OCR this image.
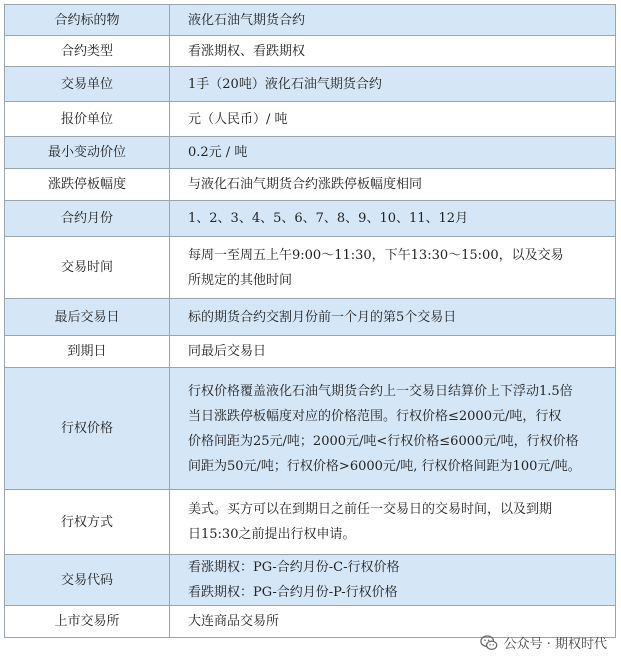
合约标的物	液化石油气期货合约

合约类型	看涨期权、看跌期权

交易单位	1手（20吨）液化石油气期货合约

报价单位	元（人民币）/ 吨

最小变动价位	0.2元 / 吨

涨跌停板幅度	与液化石油气期货合约涨跌停板幅度相同

合约月份	1、2、3、4、5、6、7、8、9、10、11、12月

交易时间	每周一至周五上午9:00～11:30，下午13:30～15:00，以及交易
所规定的其他时间

最后交易日	标的期货合约交割月份前一个月的第5个交易日

到期日	同最后交易日

行权价格	行权价格覆盖液化石油气期货合约上一交易日结算价上下浮动1.5倍
当日涨跌停板幅度对应的价格范围。行权价格≤2000元/吨，行权
价格间距为25元/吨；2000元/吨<行权价格≤6000元/吨，行权价格
间距为50元/吨；行权价格>6000元/吨, 行权价格间距为100元/吨。

行权方式	美式。买方可以在到期日之前任一交易日的交易时间，以及到期
日15:30之前提出行权申请。

交易代码	看涨期权：PG-合约月份-C-行权价格
看跌期权：PG-合约月份-P-行权价格

上市交易所	大连商品交易所
公众号 · 期权时代
